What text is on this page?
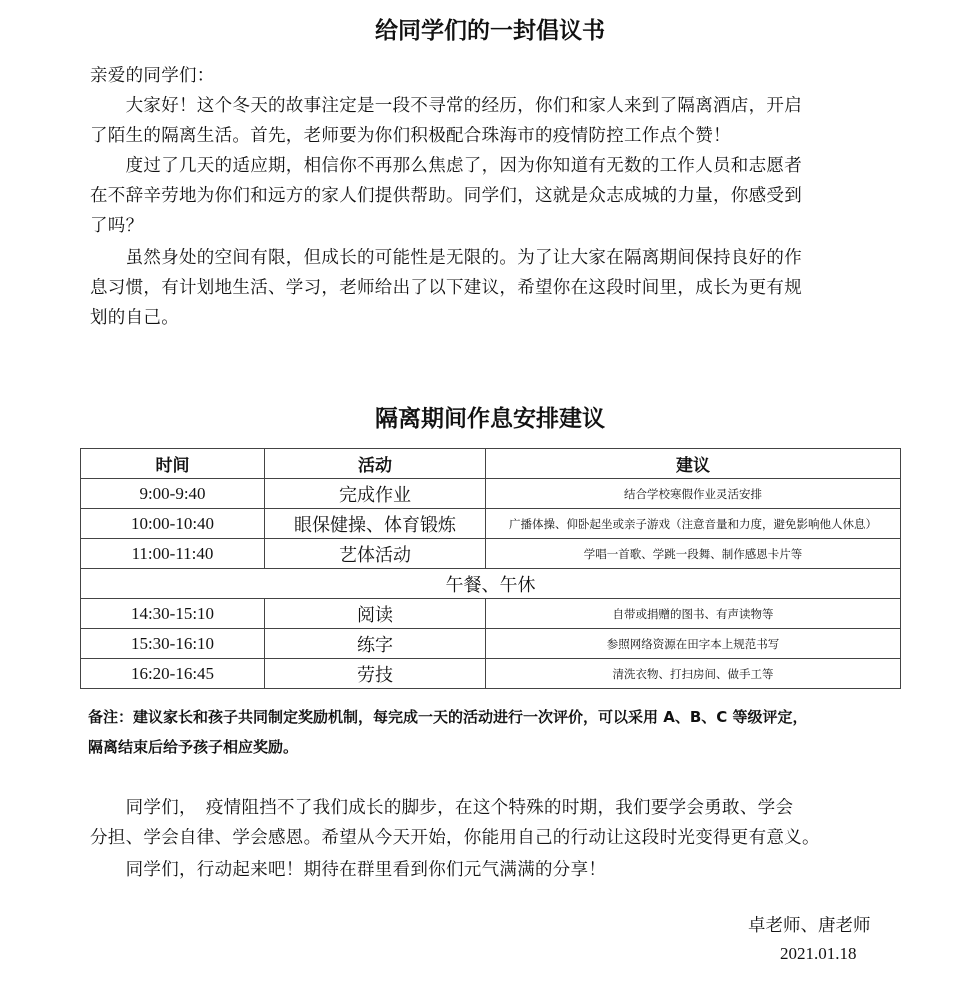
给同学们的一封倡议书
亲爱的同学们：
　　大家好！这个冬天的故事注定是一段不寻常的经历，你们和家人来到了隔离酒店，开启
了陌生的隔离生活。首先，老师要为你们积极配合珠海市的疫情防控工作点个赞！
　　度过了几天的适应期，相信你不再那么焦虑了，因为你知道有无数的工作人员和志愿者
在不辞辛劳地为你们和远方的家人们提供帮助。同学们，这就是众志成城的力量，你感受到
了吗？
　　虽然身处的空间有限，但成长的可能性是无限的。为了让大家在隔离期间保持良好的作
息习惯，有计划地生活、学习，老师给出了以下建议，希望你在这段时间里，成长为更有规
划的自己。
隔离期间作息安排建议
时间	活动	建议
9:00-9:40	完成作业	结合学校寒假作业灵活安排
10:00-10:40	眼保健操、体育锻炼	广播体操、仰卧起坐或亲子游戏（注意音量和力度，避免影响他人休息）
11:00-11:40	艺体活动	学唱一首歌、学跳一段舞、制作感恩卡片等
午餐、午休		
14:30-15:10	阅读	自带或捐赠的图书、有声读物等
15:30-16:10	练字	参照网络资源在田字本上规范书写
16:20-16:45	劳技	清洗衣物、打扫房间、做手工等
备注：建议家长和孩子共同制定奖励机制，每完成一天的活动进行一次评价，可以采用 A、B、C 等级评定，
隔离结束后给予孩子相应奖励。
　　同学们，　疫情阻挡不了我们成长的脚步，在这个特殊的时期，我们要学会勇敢、学会
分担、学会自律、学会感恩。希望从今天开始，你能用自己的行动让这段时光变得更有意义。
　　同学们，行动起来吧！期待在群里看到你们元气满满的分享！
卓老师、唐老师
2021.01.18
